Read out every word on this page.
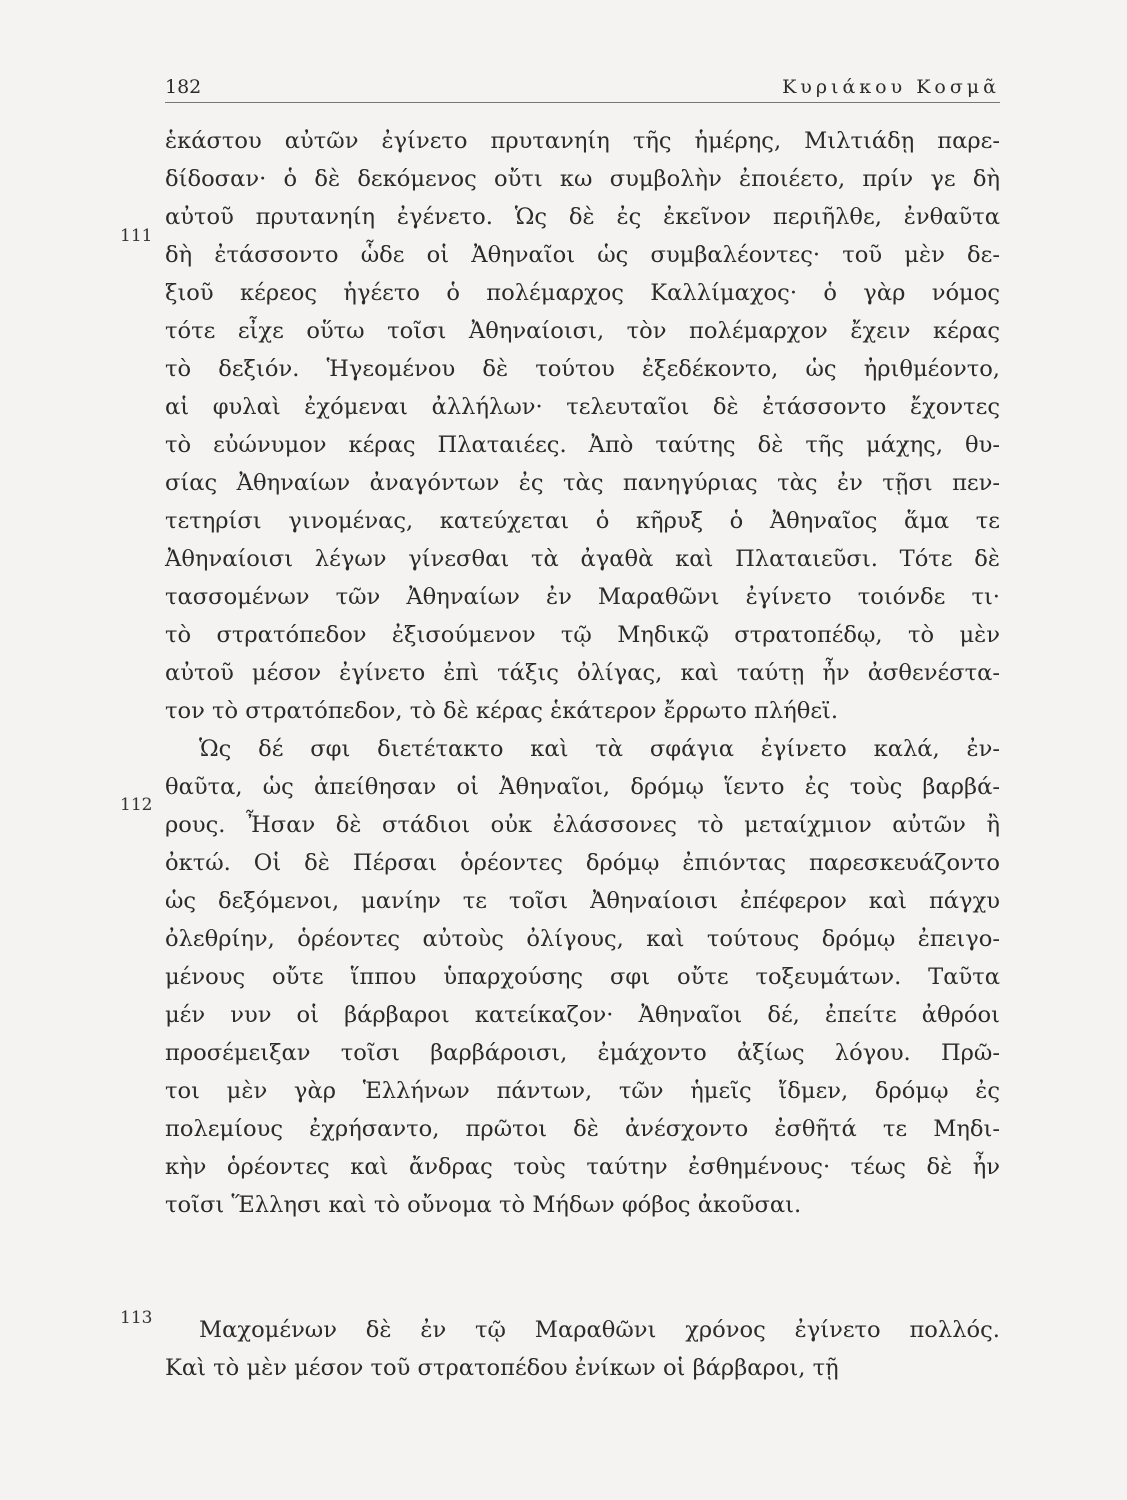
182	Κυριάκου Κοσμᾶ
111
112
113
ἑκάστου αὐτῶν ἐγίνετο πρυτανηίη τῆς ἡμέρης, Μιλτιάδῃ παρε-
δίδοσαν· ὁ δὲ δεκόμενος οὔτι κω συμβολὴν ἐποιέετο, πρίν γε δὴ
αὐτοῦ πρυτανηίη ἐγένετο. Ὡς δὲ ἐς ἐκεῖνον περιῆλθε, ἐνθαῦτα
δὴ ἐτάσσοντο ὧδε οἱ Ἀθηναῖοι ὡς συμβαλέοντες· τοῦ μὲν δε-
ξιοῦ κέρεος ἡγέετο ὁ πολέμαρχος Καλλίμαχος· ὁ γὰρ νόμος
τότε εἶχε οὕτω τοῖσι Ἀθηναίοισι, τὸν πολέμαρχον ἔχειν κέρας
τὸ δεξιόν. Ἡγεομένου δὲ τούτου ἐξεδέκοντο, ὡς ἠριθμέοντο,
αἱ φυλαὶ ἐχόμεναι ἀλλήλων· τελευταῖοι δὲ ἐτάσσοντο ἔχοντες
τὸ εὐώνυμον κέρας Πλαταιέες. Ἀπὸ ταύτης δὲ τῆς μάχης, θυ-
σίας Ἀθηναίων ἀναγόντων ἐς τὰς πανηγύριας τὰς ἐν τῇσι πεν-
τετηρίσι γινομένας, κατεύχεται ὁ κῆρυξ ὁ Ἀθηναῖος ἅμα τε
Ἀθηναίοισι λέγων γίνεσθαι τὰ ἀγαθὰ καὶ Πλαταιεῦσι. Τότε δὲ
τασσομένων τῶν Ἀθηναίων ἐν Μαραθῶνι ἐγίνετο τοιόνδε τι·
τὸ στρατόπεδον ἐξισούμενον τῷ Μηδικῷ στρατοπέδῳ, τὸ μὲν
αὐτοῦ μέσον ἐγίνετο ἐπὶ τάξις ὀλίγας, καὶ ταύτῃ ἦν ἀσθενέστα-
τον τὸ στρατόπεδον, τὸ δὲ κέρας ἑκάτερον ἔρρωτο πλήθεϊ.
Ὡς δέ σφι διετέτακτο καὶ τὰ σφάγια ἐγίνετο καλά, ἐν-
θαῦτα, ὡς ἀπείθησαν οἱ Ἀθηναῖοι, δρόμῳ ἵεντο ἐς τοὺς βαρβά-
ρους. Ἦσαν δὲ στάδιοι οὐκ ἐλάσσονες τὸ μεταίχμιον αὐτῶν ἢ
ὀκτώ. Οἱ δὲ Πέρσαι ὁρέοντες δρόμῳ ἐπιόντας παρεσκευάζοντο
ὡς δεξόμενοι, μανίην τε τοῖσι Ἀθηναίοισι ἐπέφερον καὶ πάγχυ
ὀλεθρίην, ὁρέοντες αὐτοὺς ὀλίγους, καὶ τούτους δρόμῳ ἐπειγο-
μένους οὔτε ἵππου ὑπαρχούσης σφι οὔτε τοξευμάτων. Ταῦτα
μέν νυν οἱ βάρβαροι κατείκαζον· Ἀθηναῖοι δέ, ἐπείτε ἀθρόοι
προσέμειξαν τοῖσι βαρβάροισι, ἐμάχοντο ἀξίως λόγου. Πρῶ-
τοι μὲν γὰρ Ἑλλήνων πάντων, τῶν ἡμεῖς ἴδμεν, δρόμῳ ἐς
πολεμίους ἐχρήσαντο, πρῶτοι δὲ ἀνέσχοντο ἐσθῆτά τε Μηδι-
κὴν ὁρέοντες καὶ ἄνδρας τοὺς ταύτην ἐσθημένους· τέως δὲ ἦν
τοῖσι Ἕλλησι καὶ τὸ οὔνομα τὸ Μήδων φόβος ἀκοῦσαι.
Μαχομένων δὲ ἐν τῷ Μαραθῶνι χρόνος ἐγίνετο πολλός.
Καὶ τὸ μὲν μέσον τοῦ στρατοπέδου ἐνίκων οἱ βάρβαροι, τῇ
